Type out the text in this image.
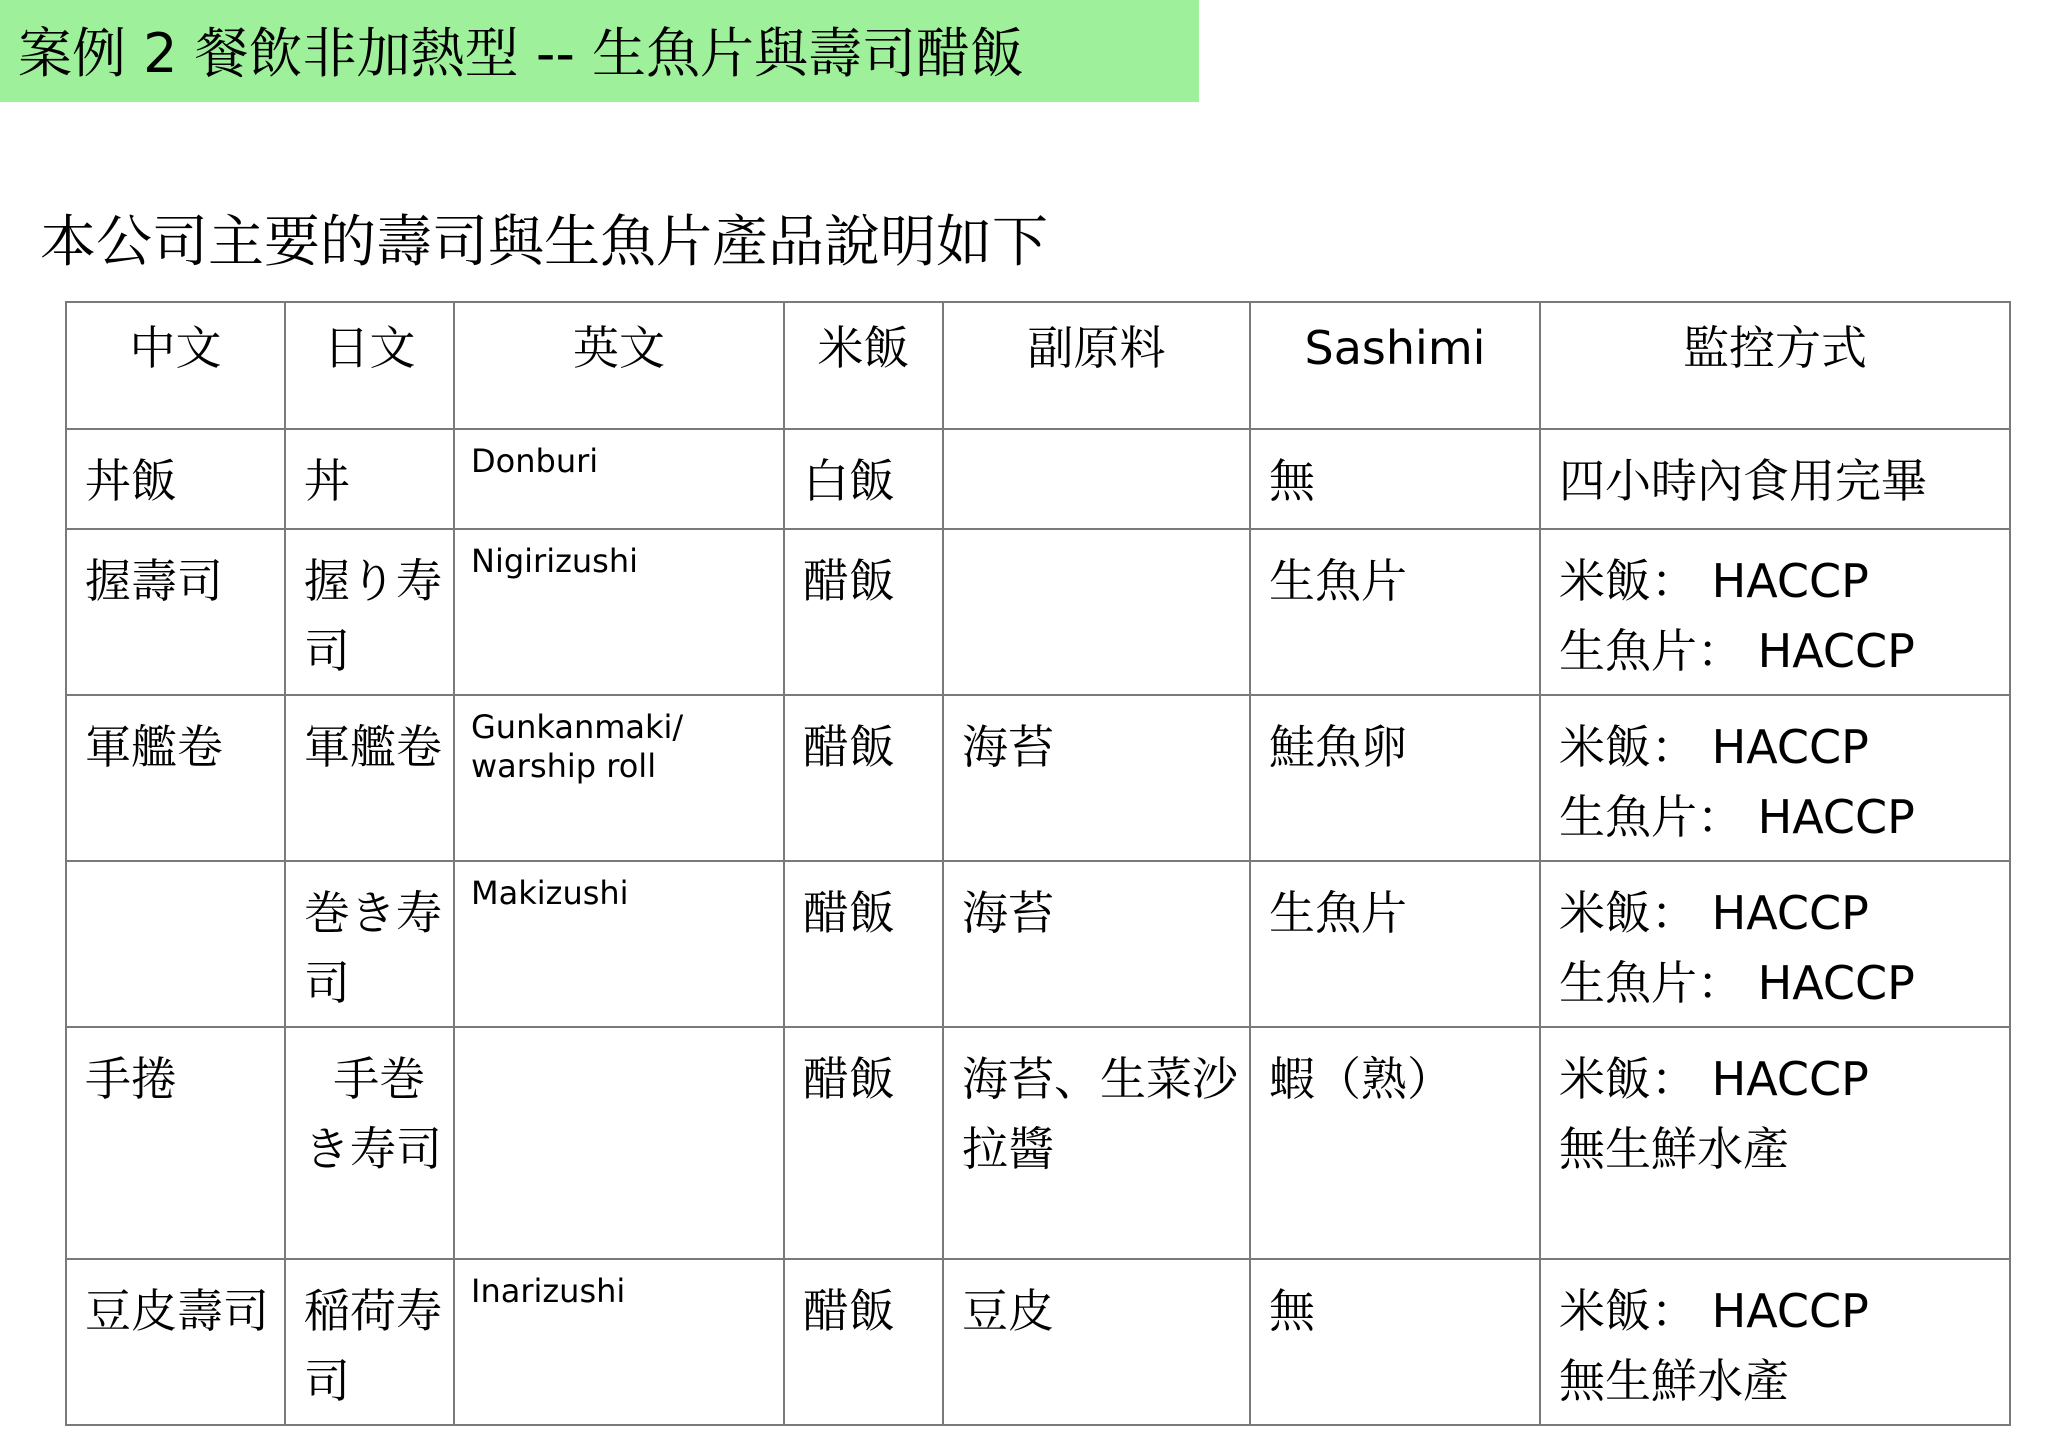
案例 2 餐飲非加熱型 -- 生魚片與壽司醋飯
本公司主要的壽司與生魚片產品說明如下
中文	日文	英文	米飯	副原料	Sashimi	監控方式
丼飯	丼	Donburi	白飯		無	四小時內食用完畢

握壽司	握り寿司	Nigirizushi	醋飯		生魚片	米飯： HACCP
生魚片： HACCP

軍艦卷	軍艦卷	Gunkanmaki/ warship roll	醋飯	海苔	鮭魚卵	米飯： HACCP
生魚片： HACCP

	巻き寿司	Makizushi	醋飯	海苔	生魚片	米飯： HACCP
生魚片： HACCP

手捲	手巻き寿司		醋飯	海苔、生菜沙拉醬	蝦（熟）	米飯： HACCP
無生鮮水產

豆皮壽司	稲荷寿司	Inarizushi	醋飯	豆皮	無	米飯： HACCP
無生鮮水產
